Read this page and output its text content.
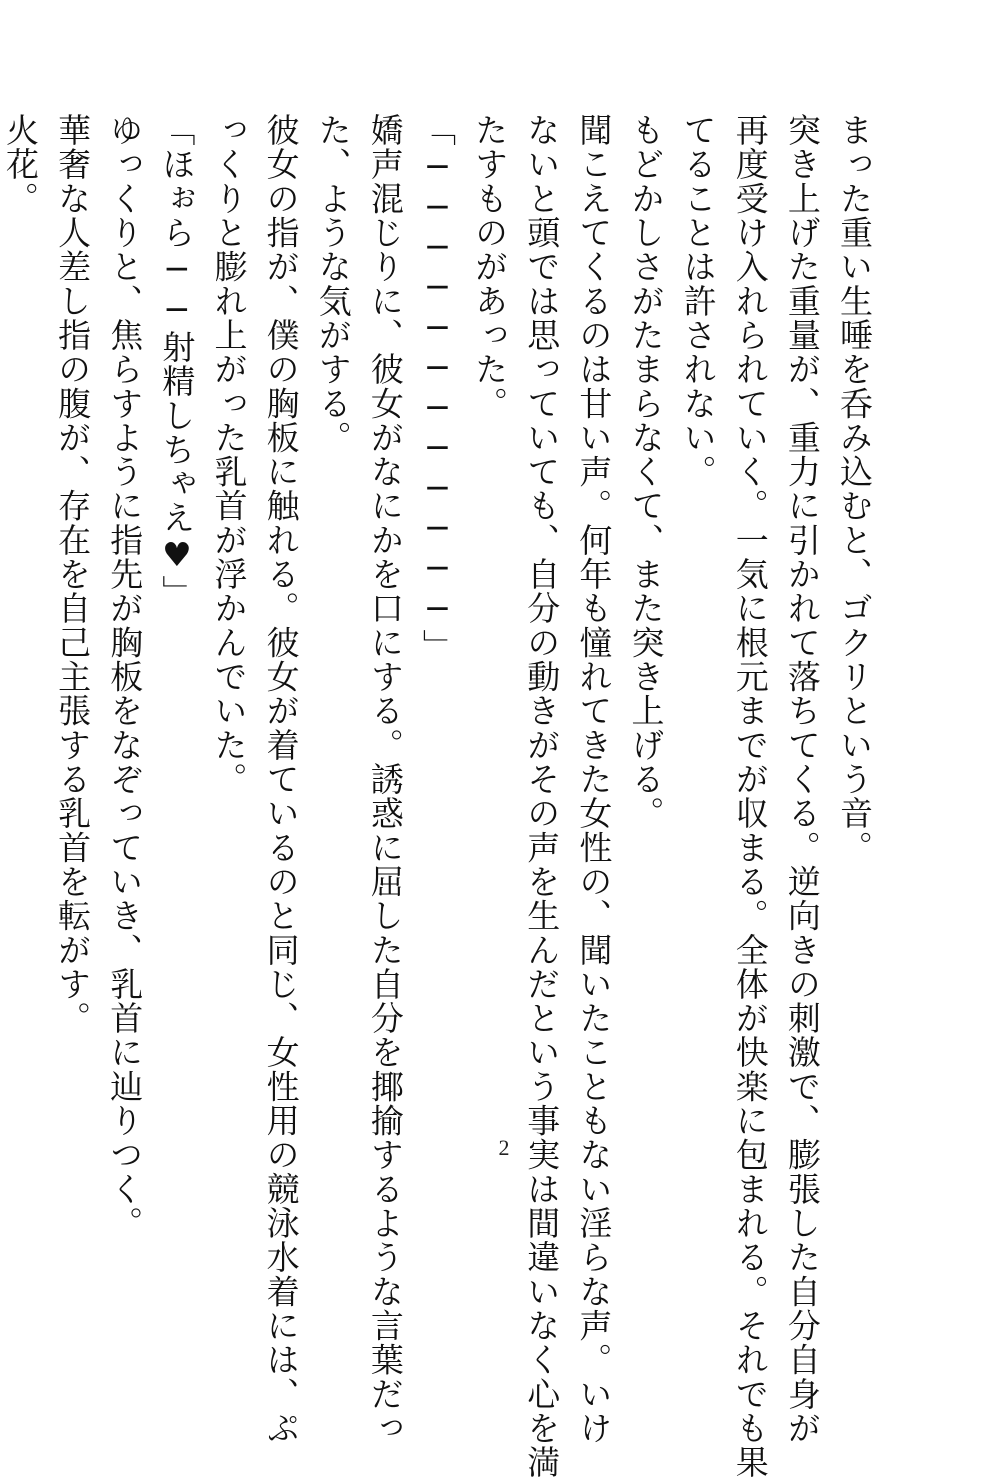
まった重い生唾を呑み込むと、ゴクリという音。

突き上げた重量が、重力に引かれて落ちてくる。逆向きの刺激で、膨張した自分自身が

再度受け入れられていく。一気に根元までが収まる。全体が快楽に包まれる。それでも果

てることは許されない。

もどかしさがたまらなくて、また突き上げる。

聞こえてくるのは甘い声。何年も憧れてきた女性の、聞いたこともない淫らな声。いけ

ないと頭では思っていても、自分の動きがその声を生んだという事実は間違いなく心を満

たすものがあった。

「────────────」

嬌声混じりに、彼女がなにかを口にする。誘惑に屈した自分を揶揄するような言葉だっ

た、ような気がする。

彼女の指が、僕の胸板に触れる。彼女が着ているのと同じ、女性用の競泳水着には、ぷ

っくりと膨れ上がった乳首が浮かんでいた。

「ほぉら──射精しちゃえ♥」

ゆっくりと、焦らすように指先が胸板をなぞっていき、乳首に辿りつく。

華奢な人差し指の腹が、存在を自己主張する乳首を転がす。

火花。

2
